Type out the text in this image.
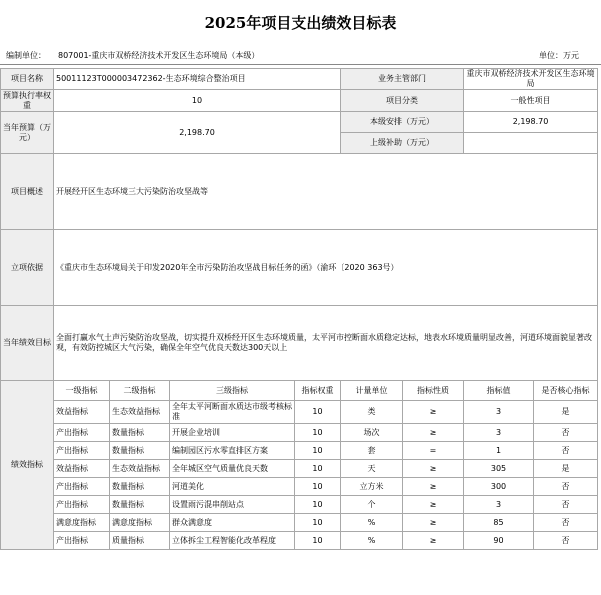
2025年项目支出绩效目标表
编制单位： 807001-重庆市双桥经济技术开发区生态环境局（本级）	单位：万元
项目名称	50011123T000003472362-生态环境综合整治项目				业务主管部门		重庆市双桥经济技术开发区生态环境局	
预算执行率权重	10				项目分类		一般性项目	
当年预算（万元）	2,198.70				本级安排（万元）		2,198.70	
					上级补助（万元）			
项目概述	开展经开区生态环境三大污染防治攻坚战等							
立项依据	《重庆市生态环境局关于印发2020年全市污染防治攻坚战目标任务的函》（渝环〔2020 363号）							
当年绩效目标	全面打赢水气土声污染防治攻坚战，切实提升双桥经开区生态环境质量，太平河市控断面水质稳定达标，地表水环境质量明显改善，河道环境面貌显著改观，有效防控城区大气污染，确保全年空气优良天数达300天以上							
绩效指标	一级指标	二级指标	三级指标	指标权重	计量单位	指标性质	指标值	是否核心指标
	效益指标	生态效益指标	全年太平河断面水质达市级考核标准	10	类	≥	3	是
	产出指标	数量指标	开展企业培训	10	场次	≥	3	否
	产出指标	数量指标	编制园区污水零直排区方案	10	套	=	1	否
	效益指标	生态效益指标	全年城区空气质量优良天数	10	天	≥	305	是
	产出指标	数量指标	河道美化	10	立方米	≥	300	否
	产出指标	数量指标	设置雨污混串削站点	10	个	≥	3	否
	满意度指标	满意度指标	群众满意度	10	%	≥	85	否
	产出指标	质量指标	立体拆尘工程智能化改革程度	10	%	≥	90	否
